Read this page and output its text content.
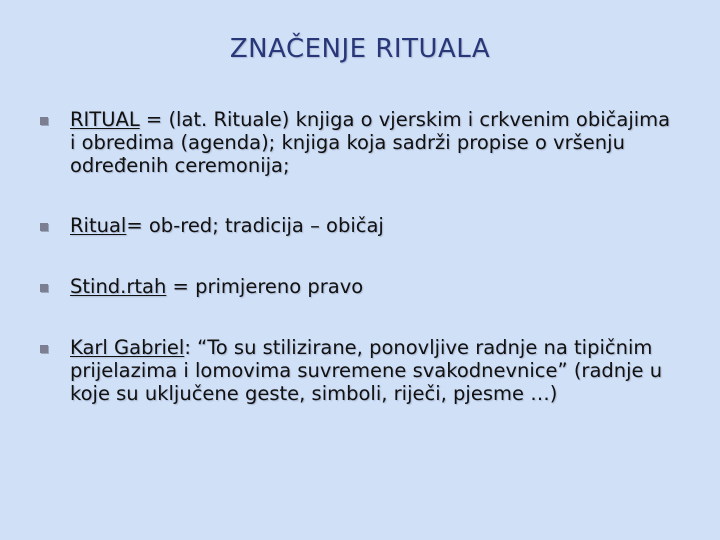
ZNAČENJE RITUALA
RITUAL = (lat. Rituale) knjiga o vjerskim i crkvenim običajima i obredima (agenda); knjiga koja sadrži propise o vršenju određenih ceremonija;
Ritual= ob-red; tradicija – običaj
Stind.rtah = primjereno pravo
Karl Gabriel: “To su stilizirane, ponovljive radnje na tipičnim prijelazima i lomovima suvremene svakodnevnice” (radnje u koje su uključene geste, simboli, riječi, pjesme …)
